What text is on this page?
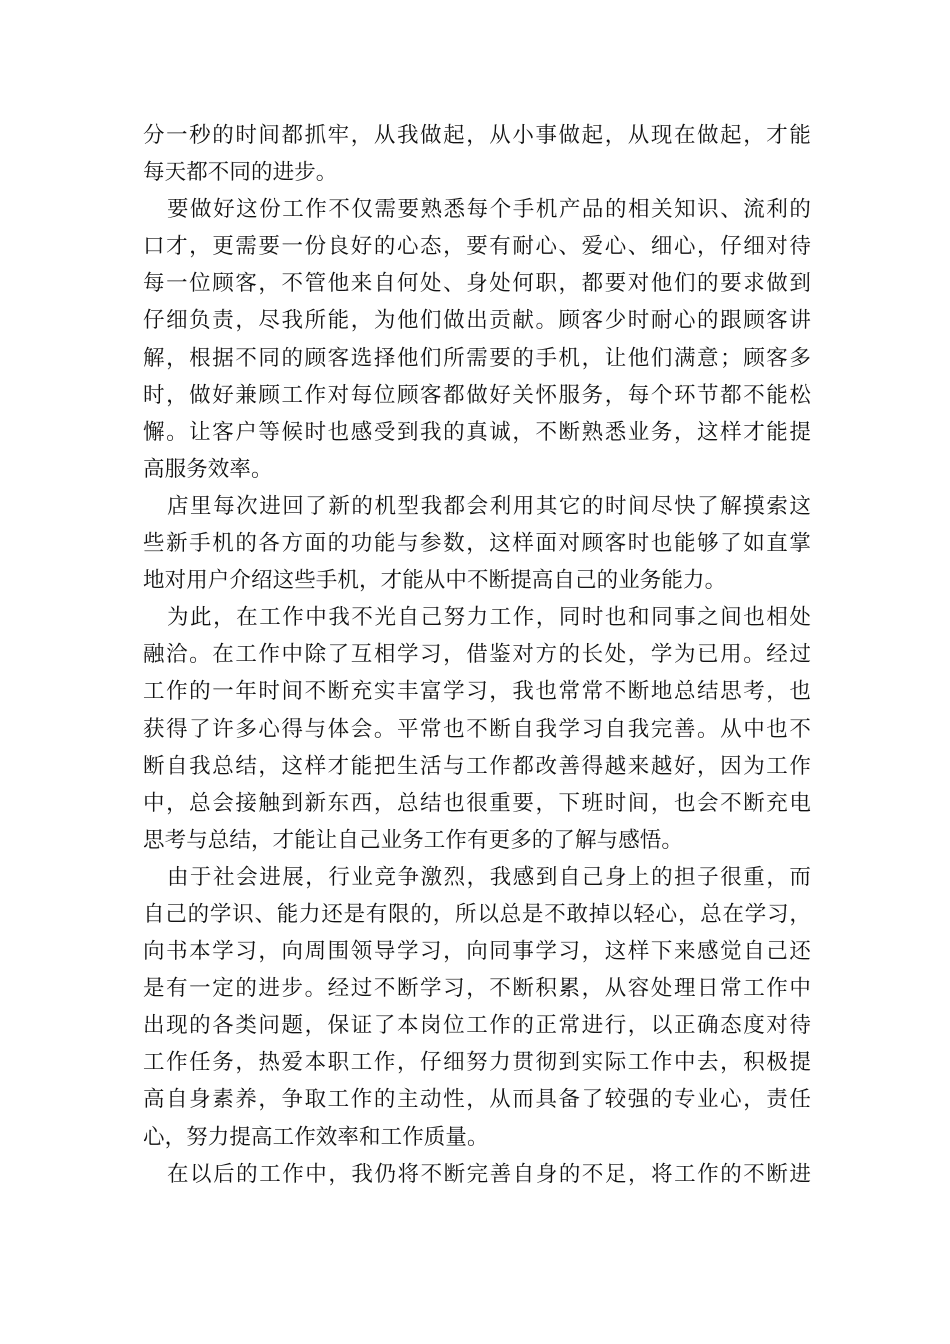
分一秒的时间都抓牢，从我做起，从小事做起，从现在做起，才能
每天都不同的进步。
要做好这份工作不仅需要熟悉每个手机产品的相关知识、流利的
口才，更需要一份良好的心态，要有耐心、爱心、细心，仔细对待
每一位顾客，不管他来自何处、身处何职，都要对他们的要求做到
仔细负责，尽我所能，为他们做出贡献。顾客少时耐心的跟顾客讲
解，根据不同的顾客选择他们所需要的手机，让他们满意；顾客多
时，做好兼顾工作对每位顾客都做好关怀服务，每个环节都不能松
懈。让客户等候时也感受到我的真诚，不断熟悉业务，这样才能提
高服务效率。
店里每次进回了新的机型我都会利用其它的时间尽快了解摸索这
些新手机的各方面的功能与参数，这样面对顾客时也能够了如直掌
地对用户介绍这些手机，才能从中不断提高自己的业务能力。
为此，在工作中我不光自己努力工作，同时也和同事之间也相处
融洽。在工作中除了互相学习，借鉴对方的长处，学为已用。经过
工作的一年时间不断充实丰富学习，我也常常不断地总结思考，也
获得了许多心得与体会。平常也不断自我学习自我完善。从中也不
断自我总结，这样才能把生活与工作都改善得越来越好，因为工作
中，总会接触到新东西，总结也很重要，下班时间，也会不断充电
思考与总结，才能让自己业务工作有更多的了解与感悟。
由于社会进展，行业竞争激烈，我感到自己身上的担子很重，而
自己的学识、能力还是有限的，所以总是不敢掉以轻心，总在学习，
向书本学习，向周围领导学习，向同事学习，这样下来感觉自己还
是有一定的进步。经过不断学习，不断积累，从容处理日常工作中
出现的各类问题，保证了本岗位工作的正常进行，以正确态度对待
工作任务，热爱本职工作，仔细努力贯彻到实际工作中去，积极提
高自身素养，争取工作的主动性，从而具备了较强的专业心，责任
心，努力提高工作效率和工作质量。
在以后的工作中，我仍将不断完善自身的不足，将工作的不断进
